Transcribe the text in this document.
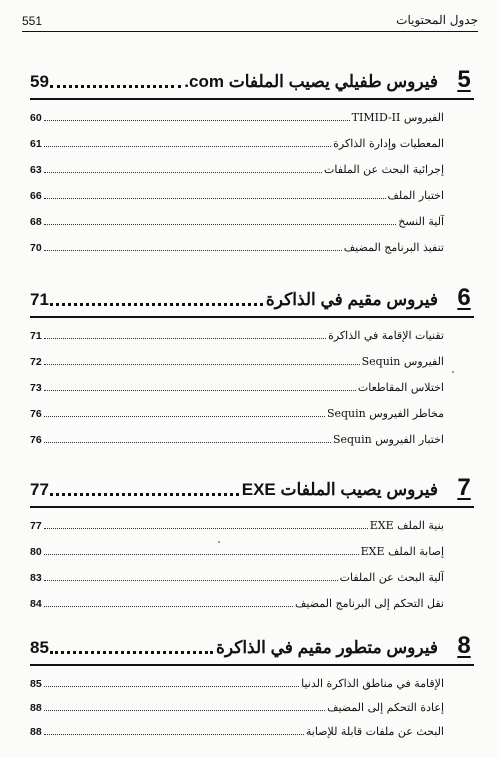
551	جدول المحتويات
59	فيروس طفيلي يصيب الملفات com. 5
60	الفيروس TIMID-II
61	المعطيات وإدارة الذاكرة
63	إجرائية البحث عن الملفات
66	اختبار الملف
68	آلية النسخ
70	تنفيذ البرنامج المضيف
71	فيروس مقيم في الذاكرة 6
71	تقنيات الإقامة في الذاكرة
72	الفيروس Sequin
73	اختلاس المقاطعات
76	مخاطر الفيروس Sequin
76	اختبار الفيروس Sequin
77	فيروس يصيب الملفات EXE 7
77	بنية الملف EXE
80	إصابة الملف EXE
83	آلية البحث عن الملفات
84	نقل التحكم إلى البرنامج المضيف
85	فيروس متطور مقيم في الذاكرة 8
85	الإقامة في مناطق الذاكرة الدنيا
88	إعادة التحكم إلى المضيف
88	البحث عن ملفات قابلة للإصابة
